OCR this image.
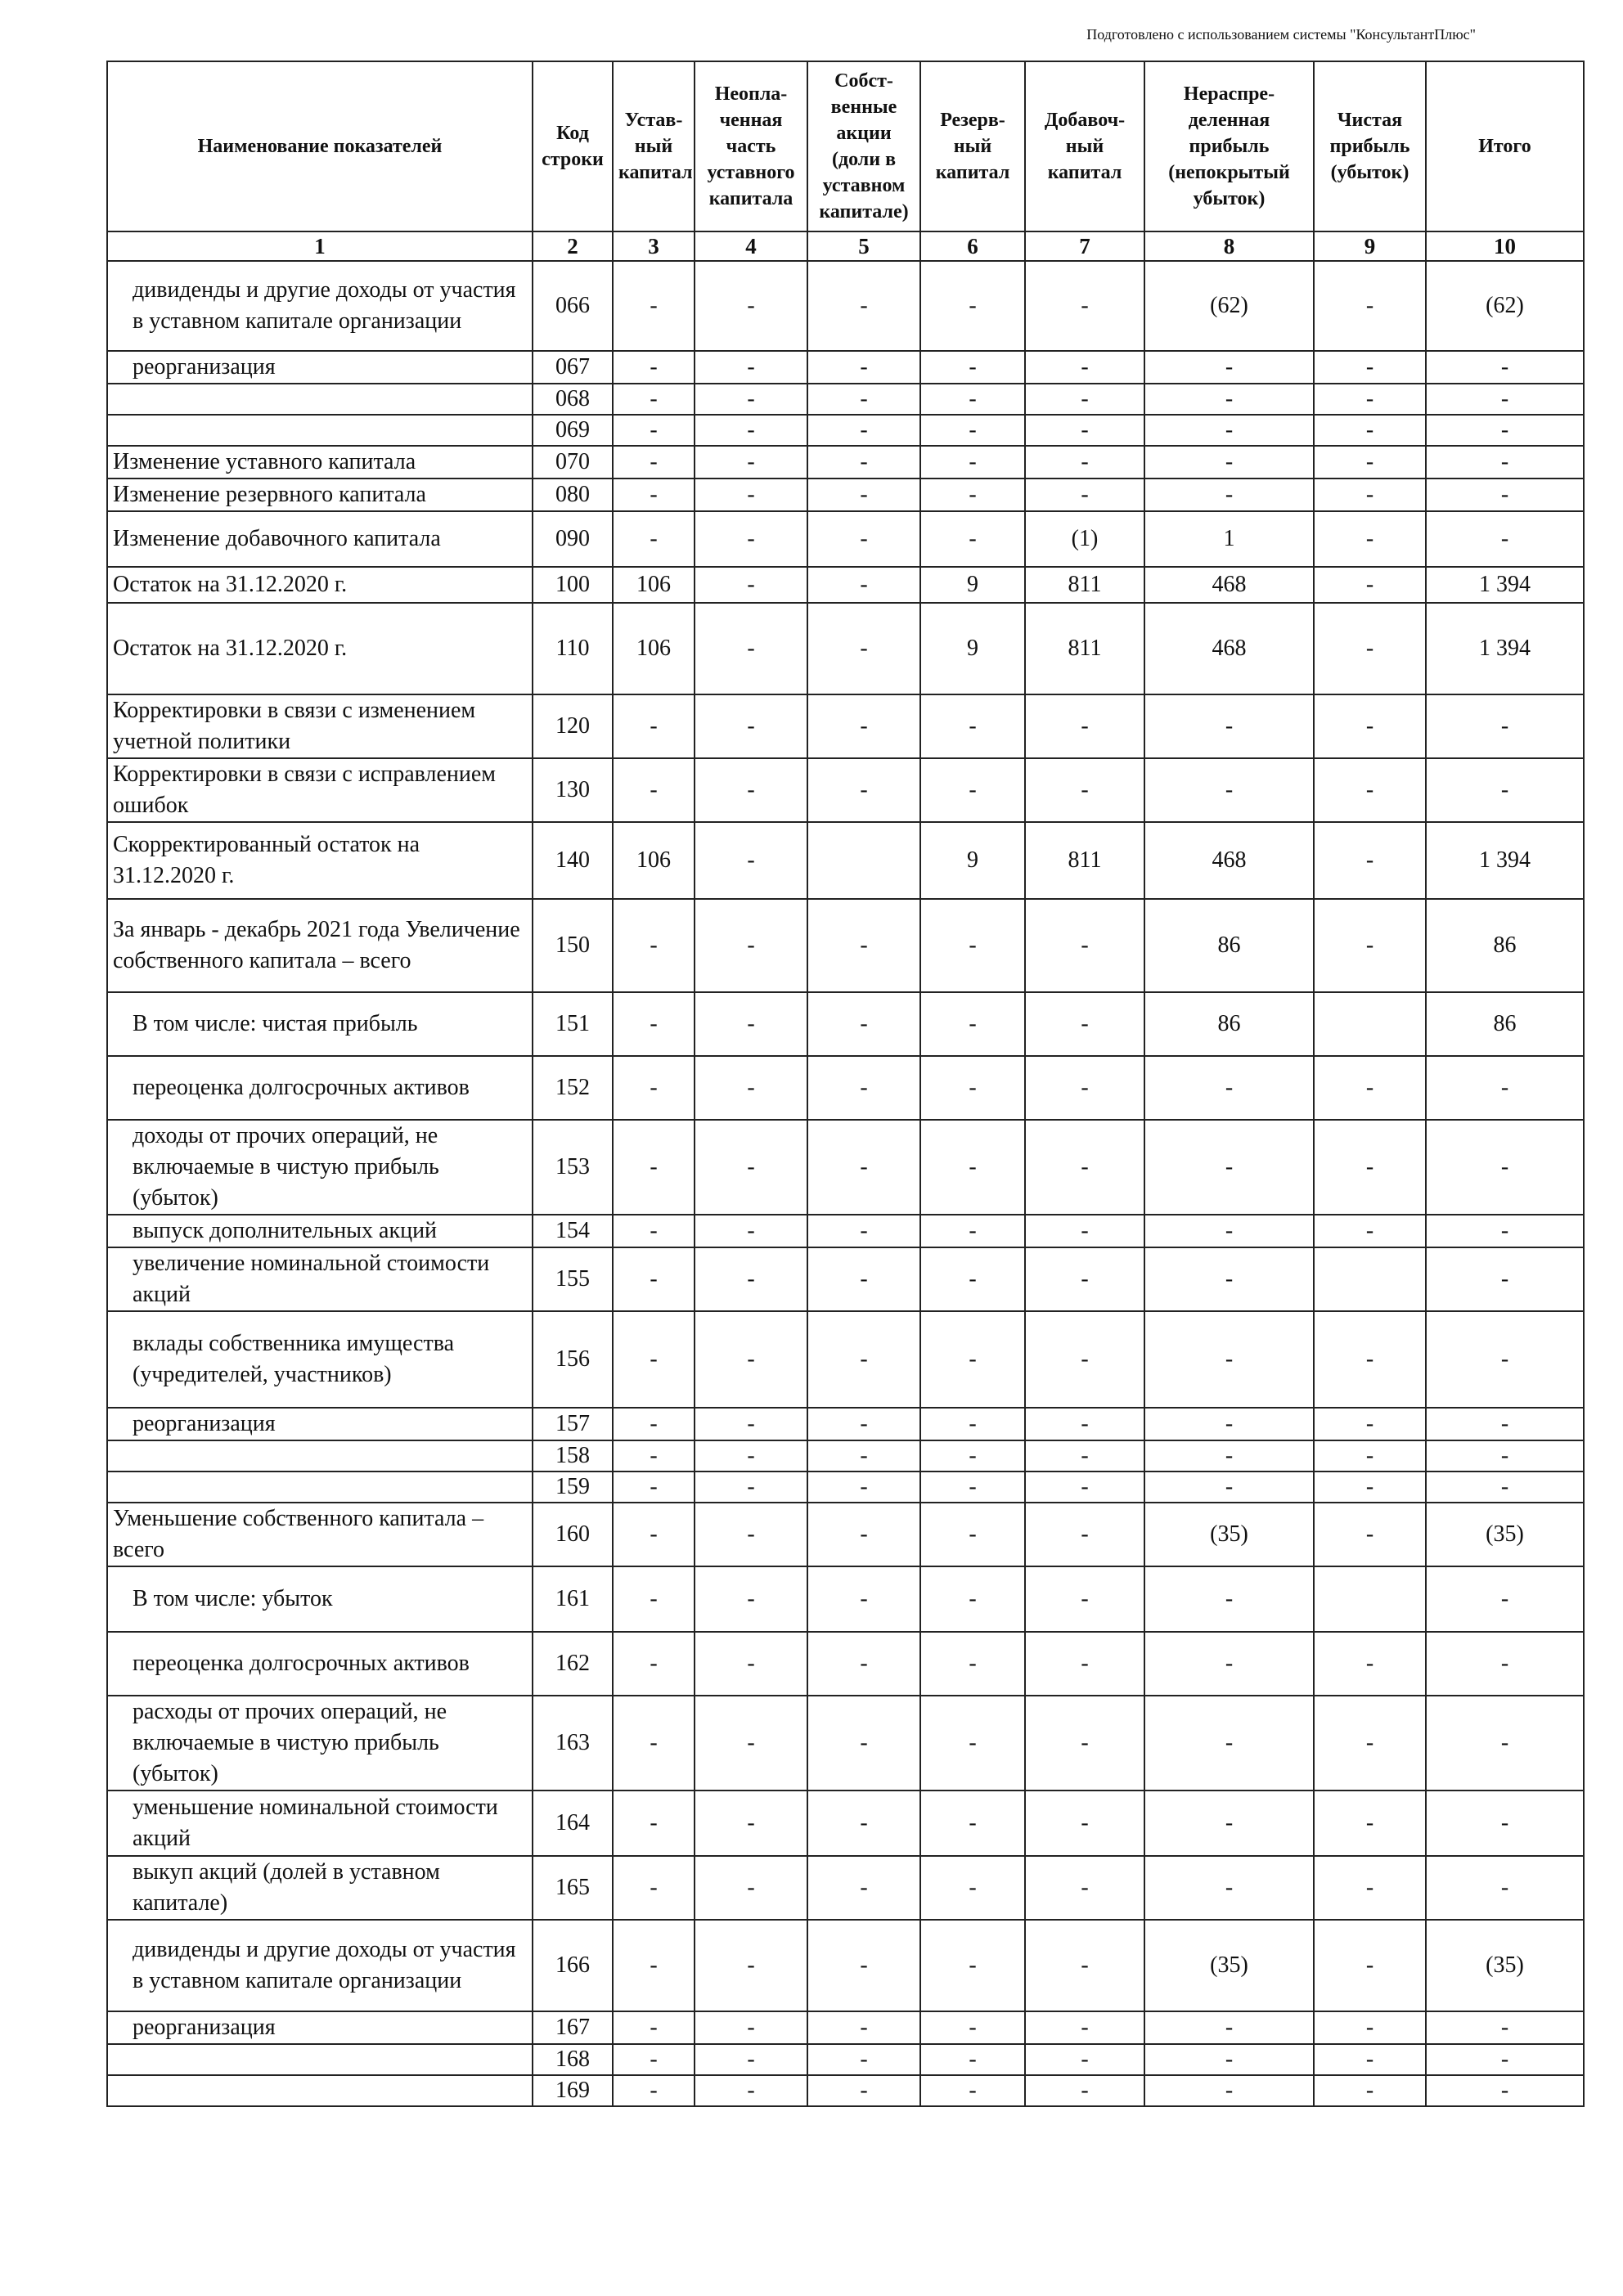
Подготовлено с использованием системы "КонсультантПлюс"
Наименование показателей	Код строки	Устав-ный капитал	Неопла-ченная часть уставного капитала	Собст-венные акции (доли в уставном капитале)	Резерв-ный капитал	Добавоч-ный капитал	Нераспре-деленная прибыль (непокрытый убыток)	Чистая прибыль (убыток)	Итого
1	2	3	4	5	6	7	8	9	10
дивиденды и другие доходы от участия в уставном капитале организации	066	-	-	-	-	-	(62)	-	(62)
реорганизация	067	-	-	-	-	-	-	-	-
	068	-	-	-	-	-	-	-	-
	069	-	-	-	-	-	-	-	-
Изменение уставного капитала	070	-	-	-	-	-	-	-	-
Изменение резервного капитала	080	-	-	-	-	-	-	-	-
Изменение добавочного капитала	090	-	-	-	-	(1)	1	-	-
Остаток на 31.12.2020 г.	100	106	-	-	9	811	468	-	1 394
Остаток на 31.12.2020 г.	110	106	-	-	9	811	468	-	1 394
Корректировки в связи с изменением учетной политики	120	-	-	-	-	-	-	-	-
Корректировки в связи с исправлением ошибок	130	-	-	-	-	-	-	-	-
Скорректированный остаток на 31.12.2020 г.	140	106	-		9	811	468	-	1 394
За январь - декабрь 2021 года Увеличение собственного капитала – всего	150	-	-	-	-	-	86	-	86
В том числе: чистая прибыль	151	-	-	-	-	-	86		86
переоценка долгосрочных активов	152	-	-	-	-	-	-	-	-
доходы от прочих операций, не включаемые в чистую прибыль (убыток)	153	-	-	-	-	-	-	-	-
выпуск дополнительных акций	154	-	-	-	-	-	-	-	-
увеличение номинальной стоимости акций	155	-	-	-	-	-	-		-
вклады собственника имущества (учредителей, участников)	156	-	-	-	-	-	-	-	-
реорганизация	157	-	-	-	-	-	-	-	-
	158	-	-	-	-	-	-	-	-
	159	-	-	-	-	-	-	-	-
Уменьшение собственного капитала – всего	160	-	-	-	-	-	(35)	-	(35)
В том числе: убыток	161	-	-	-	-	-	-		-
переоценка долгосрочных активов	162	-	-	-	-	-	-	-	-
расходы от прочих операций, не включаемые в чистую прибыль (убыток)	163	-	-	-	-	-	-	-	-
уменьшение номинальной стоимости акций	164	-	-	-	-	-	-	-	-
выкуп акций (долей в уставном капитале)	165	-	-	-	-	-	-	-	-
дивиденды и другие доходы от участия в уставном капитале организации	166	-	-	-	-	-	(35)	-	(35)
реорганизация	167	-	-	-	-	-	-	-	-
	168	-	-	-	-	-	-	-	-
	169	-	-	-	-	-	-	-	-
